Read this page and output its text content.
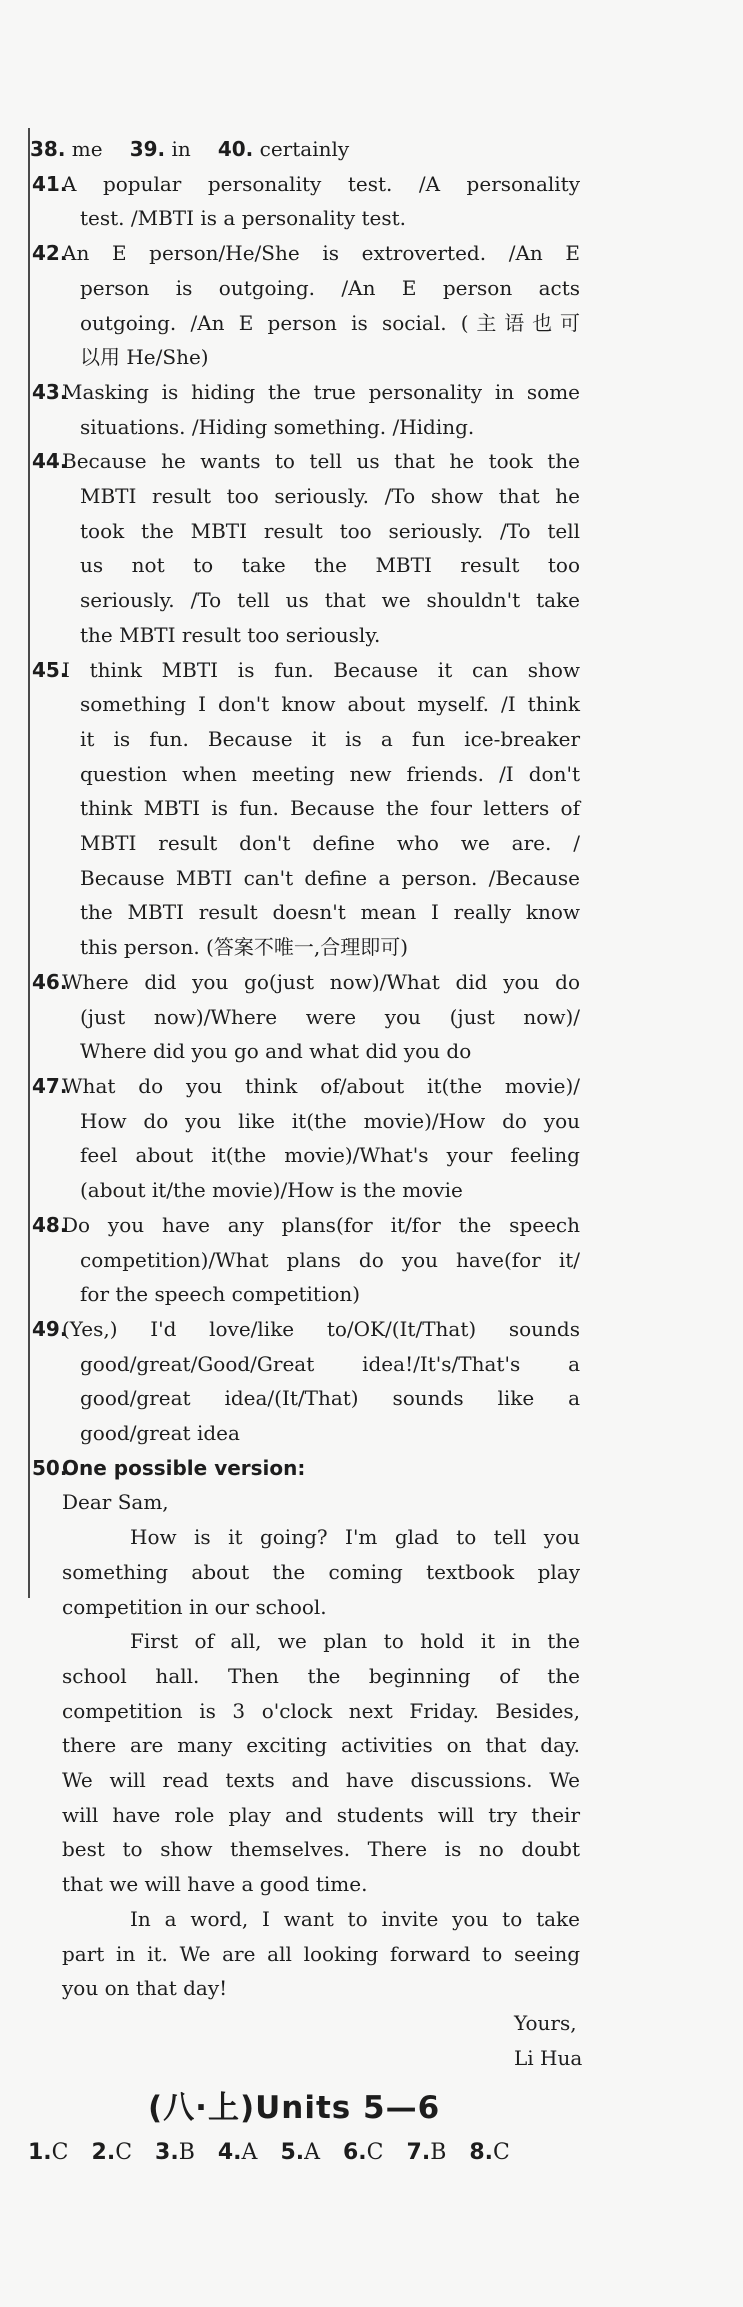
38. me 39. in 40. certainly
41.
A popular personality test. /A personality
test. /MBTI is a personality test.
42.
An E person/He/She is extroverted. /An E
person is outgoing. /An E person acts
outgoing. /An E person is social. (主语也可
以用 He/She)
43.
Masking is hiding the true personality in some
situations. /Hiding something. /Hiding.
44.
Because he wants to tell us that he took the
MBTI result too seriously. /To show that he
took the MBTI result too seriously. /To tell
us not to take the MBTI result too
seriously. /To tell us that we shouldn't take
the MBTI result too seriously.
45.
I think MBTI is fun. Because it can show
something I don't know about myself. /I think
it is fun. Because it is a fun ice-breaker
question when meeting new friends. /I don't
think MBTI is fun. Because the four letters of
MBTI result don't define who we are. /
Because MBTI can't define a person. /Because
the MBTI result doesn't mean I really know
this person. (答案不唯一,合理即可)
46.
Where did you go(just now)/What did you do
(just now)/Where were you (just now)/
Where did you go and what did you do
47.
What do you think of/about it(the movie)/
How do you like it(the movie)/How do you
feel about it(the movie)/What's your feeling
(about it/the movie)/How is the movie
48.
Do you have any plans(for it/for the speech
competition)/What plans do you have(for it/
for the speech competition)
49.
(Yes,) I'd love/like to/OK/(It/That) sounds
good/great/Good/Great idea!/It's/That's a
good/great idea/(It/That) sounds like a
good/great idea
50.
One possible version:
Dear Sam,
How is it going? I'm glad to tell you
something about the coming textbook play
competition in our school.
First of all, we plan to hold it in the
school hall. Then the beginning of the
competition is 3 o'clock next Friday. Besides,
there are many exciting activities on that day.
We will read texts and have discussions. We
will have role play and students will try their
best to show themselves. There is no doubt
that we will have a good time.
In a word, I want to invite you to take
part in it. We are all looking forward to seeing
you on that day!
Yours,
Li Hua
(八·上)Units 5—6
1.C 2.C 3.B 4.A 5.A 6.C 7.B 8.C
